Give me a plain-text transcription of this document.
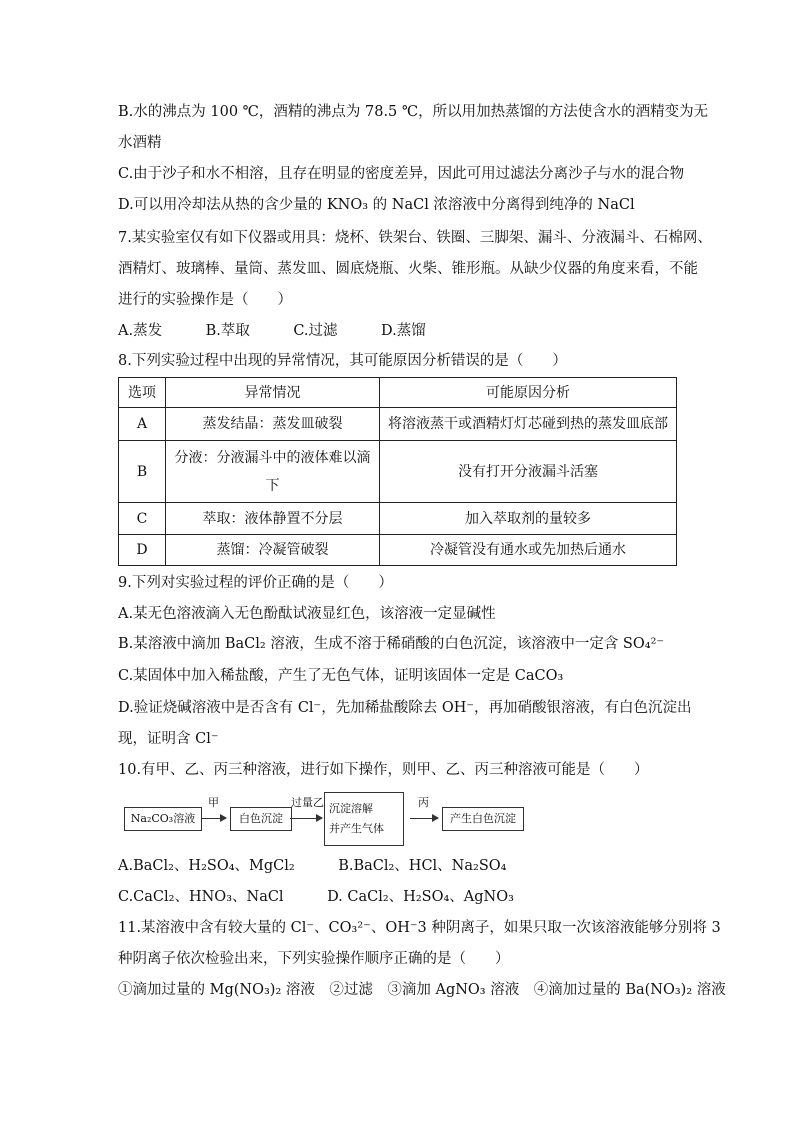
B.水的沸点为 100 ℃，酒精的沸点为 78.5 ℃，所以用加热蒸馏的方法使含水的酒精变为无
水酒精
C.由于沙子和水不相溶，且存在明显的密度差异，因此可用过滤法分离沙子与水的混合物
D.可以用冷却法从热的含少量的 KNO₃ 的 NaCl 浓溶液中分离得到纯净的 NaCl
7.某实验室仅有如下仪器或用具：烧杯、铁架台、铁圈、三脚架、漏斗、分液漏斗、石棉网、
酒精灯、玻璃棒、量筒、蒸发皿、圆底烧瓶、火柴、锥形瓶。从缺少仪器的角度来看，不能
进行的实验操作是（　　）
A.蒸发　　　B.萃取　　　C.过滤　　　D.蒸馏
8.下列实验过程中出现的异常情况，其可能原因分析错误的是（　　）
选项	异常情况	可能原因分析
A	蒸发结晶：蒸发皿破裂	将溶液蒸干或酒精灯灯芯碰到热的蒸发皿底部
B	分液：分液漏斗中的液体难以滴下	没有打开分液漏斗活塞
C	萃取：液体静置不分层	加入萃取剂的量较多
D	蒸馏：冷凝管破裂	冷凝管没有通水或先加热后通水
9.下列对实验过程的评价正确的是（　　）
A.某无色溶液滴入无色酚酞试液显红色，该溶液一定显碱性
B.某溶液中滴加 BaCl₂ 溶液，生成不溶于稀硝酸的白色沉淀，该溶液中一定含 SO₄²⁻
C.某固体中加入稀盐酸，产生了无色气体，证明该固体一定是 CaCO₃
D.验证烧碱溶液中是否含有 Cl⁻，先加稀盐酸除去 OH⁻，再加硝酸银溶液，有白色沉淀出
现，证明含 Cl⁻
10.有甲、乙、丙三种溶液，进行如下操作，则甲、乙、丙三种溶液可能是（　　）
Na₂CO₃溶液
甲
白色沉淀
过量乙 沉淀溶解
并产生气体
丙
产生白色沉淀
A.BaCl₂、H₂SO₄、MgCl₂　　　B.BaCl₂、HCl、Na₂SO₄
C.CaCl₂、HNO₃、NaCl　　　D. CaCl₂、H₂SO₄、AgNO₃
11.某溶液中含有较大量的 Cl⁻、CO₃²⁻、OH⁻3 种阴离子，如果只取一次该溶液能够分别将 3
种阴离子依次检验出来，下列实验操作顺序正确的是（　　）
①滴加过量的 Mg(NO₃)₂ 溶液　②过滤　③滴加 AgNO₃ 溶液　④滴加过量的 Ba(NO₃)₂ 溶液
